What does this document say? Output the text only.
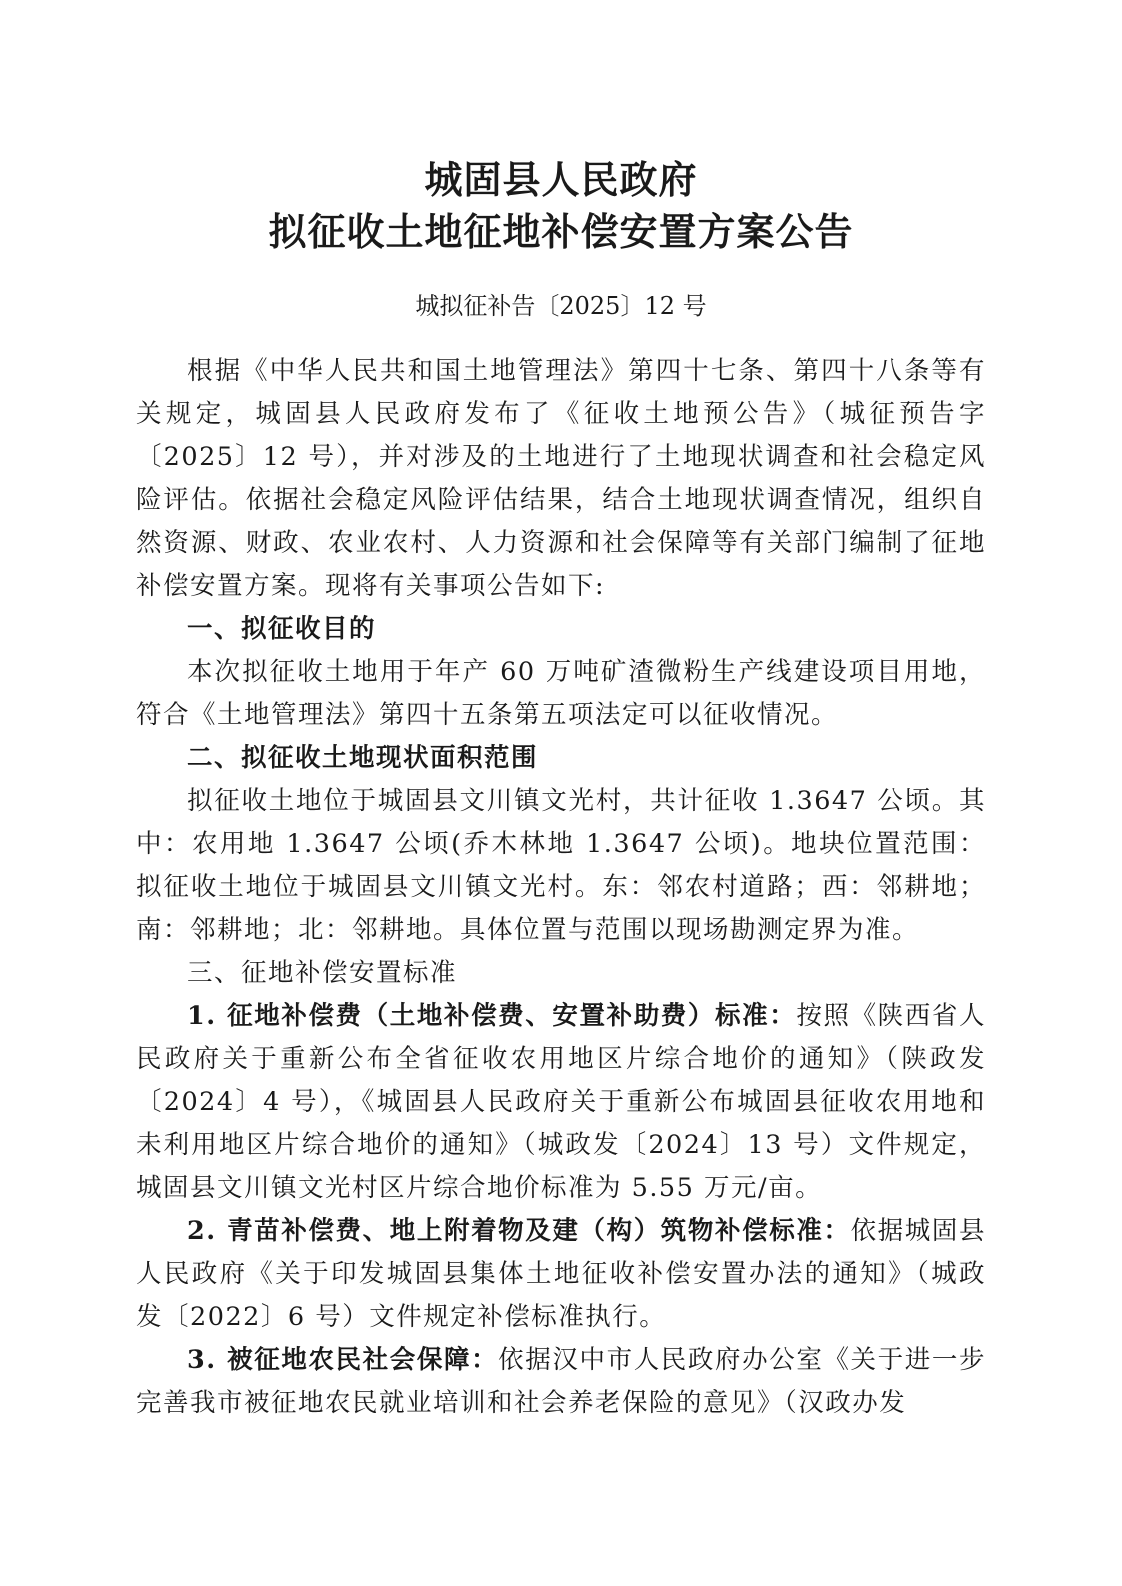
城固县人民政府
拟征收土地征地补偿安置方案公告
城拟征补告〔2025〕12 号

根据《中华人民共和国土地管理法》第四十七条、第四十八条等有关规定，城固县人民政府发布了《征收土地预公告》（城征预告字〔2025〕12 号），并对涉及的土地进行了土地现状调查和社会稳定风险评估。依据社会稳定风险评估结果，结合土地现状调查情况，组织自然资源、财政、农业农村、人力资源和社会保障等有关部门编制了征地补偿安置方案。现将有关事项公告如下:

一、拟征收目的

本次拟征收土地用于年产 60 万吨矿渣微粉生产线建设项目用地，符合《土地管理法》第四十五条第五项法定可以征收情况。

二、拟征收土地现状面积范围

拟征收土地位于城固县文川镇文光村，共计征收 1.3647 公顷。其中：农用地 1.3647 公顷(乔木林地 1.3647 公顷)。地块位置范围：拟征收土地位于城固县文川镇文光村。东：邻农村道路；西：邻耕地；南：邻耕地；北：邻耕地。具体位置与范围以现场勘测定界为准。

三、征地补偿安置标准

1. 征地补偿费（土地补偿费、安置补助费）标准：按照《陕西省人民政府关于重新公布全省征收农用地区片综合地价的通知》（陕政发〔2024〕4 号），《城固县人民政府关于重新公布城固县征收农用地和未利用地区片综合地价的通知》（城政发〔2024〕13 号）文件规定，城固县文川镇文光村区片综合地价标准为 5.55 万元/亩。

2. 青苗补偿费、地上附着物及建（构）筑物补偿标准：依据城固县人民政府《关于印发城固县集体土地征收补偿安置办法的通知》（城政发〔2022〕6 号）文件规定补偿标准执行。

3. 被征地农民社会保障：依据汉中市人民政府办公室《关于进一步完善我市被征地农民就业培训和社会养老保险的意见》（汉政办发
